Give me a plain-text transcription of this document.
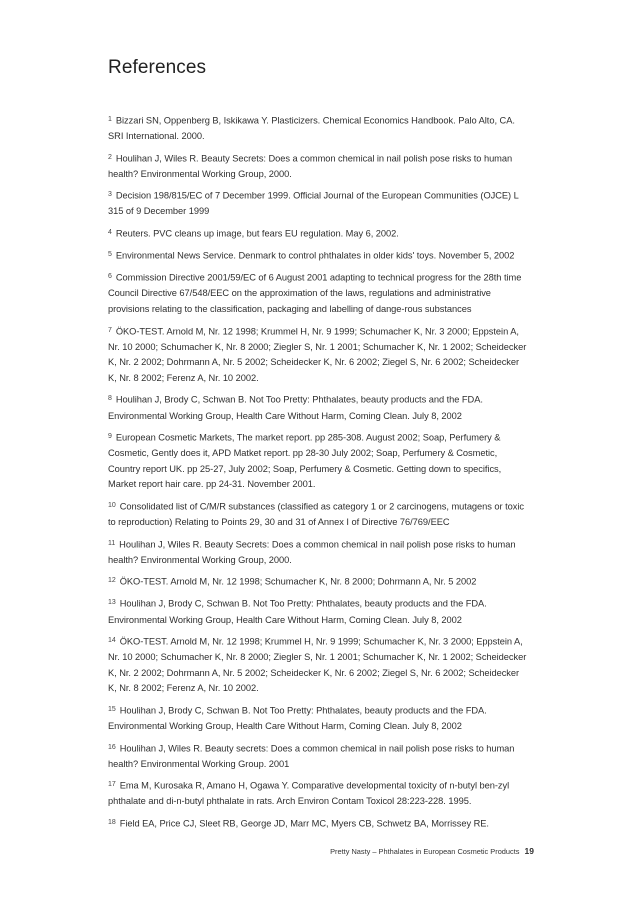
References
$^1$ Bizzari SN, Oppenberg B, Iskikawa Y. Plasticizers. Chemical Economics Handbook. Palo Alto, CA. SRI International. 2000.
$^2$ Houlihan J, Wiles R. Beauty Secrets: Does a common chemical in nail polish pose risks to human health? Environmental Working Group, 2000.
$^3$ Decision 198/815/EC of 7 December 1999. Official Journal of the European Communities (OJCE) L 315 of 9 December 1999
$^4$ Reuters. PVC cleans up image, but fears EU regulation. May 6, 2002.
$^5$ Environmental News Service. Denmark to control phthalates in older kids' toys. November 5, 2002
$^6$ Commission Directive 2001/59/EC of 6 August 2001 adapting to technical progress for the 28th time Council Directive 67/548/EEC on the approximation of the laws, regulations and administrative provisions relating to the classification, packaging and labelling of dange-rous substances
$^7$ ÖKO-TEST. Arnold M, Nr. 12 1998; Krummel H, Nr. 9 1999; Schumacher K, Nr. 3 2000; Eppstein A, Nr. 10 2000; Schumacher K, Nr. 8 2000; Ziegler S, Nr. 1 2001; Schumacher K, Nr. 1 2002; Scheidecker K, Nr. 2 2002; Dohrmann A, Nr. 5 2002; Scheidecker K, Nr. 6 2002; Ziegel S, Nr. 6 2002; Scheidecker K, Nr. 8 2002; Ferenz A, Nr. 10 2002.
$^8$ Houlihan J, Brody C, Schwan B. Not Too Pretty: Phthalates, beauty products and the FDA. Environmental Working Group, Health Care Without Harm, Coming Clean. July 8, 2002
$^9$ European Cosmetic Markets, The market report. pp 285-308. August 2002; Soap, Perfumery & Cosmetic, Gently does it, APD Matket report. pp 28-30 July 2002; Soap, Perfumery & Cosmetic, Country report UK. pp 25-27, July 2002; Soap, Perfumery & Cosmetic. Getting down to specifics, Market report hair care. pp 24-31. November 2001.
$^{10}$ Consolidated list of C/M/R substances (classified as category 1 or 2 carcinogens, mutagens or toxic to reproduction) Relating to Points 29, 30 and 31 of Annex I of Directive 76/769/EEC
$^{11}$ Houlihan J, Wiles R. Beauty Secrets: Does a common chemical in nail polish pose risks to human health? Environmental Working Group, 2000.
$^{12}$ ÖKO-TEST. Arnold M, Nr. 12 1998; Schumacher K, Nr. 8 2000; Dohrmann A, Nr. 5 2002
$^{13}$ Houlihan J, Brody C, Schwan B. Not Too Pretty: Phthalates, beauty products and the FDA. Environmental Working Group, Health Care Without Harm, Coming Clean. July 8, 2002
$^{14}$ ÖKO-TEST. Arnold M, Nr. 12 1998; Krummel H, Nr. 9 1999; Schumacher K, Nr. 3 2000; Eppstein A, Nr. 10 2000; Schumacher K, Nr. 8 2000; Ziegler S, Nr. 1 2001; Schumacher K, Nr. 1 2002; Scheidecker K, Nr. 2 2002; Dohrmann A, Nr. 5 2002; Scheidecker K, Nr. 6 2002; Ziegel S, Nr. 6 2002; Scheidecker K, Nr. 8 2002; Ferenz A, Nr. 10 2002.
$^{15}$ Houlihan J, Brody C, Schwan B. Not Too Pretty: Phthalates, beauty products and the FDA. Environmental Working Group, Health Care Without Harm, Coming Clean. July 8, 2002
$^{16}$ Houlihan J, Wiles R. Beauty secrets: Does a common chemical in nail polish pose risks to human health? Environmental Working Group. 2001
$^{17}$ Ema M, Kurosaka R, Amano H, Ogawa Y. Comparative developmental toxicity of n-butyl ben-zyl phthalate and di-n-butyl phthalate in rats. Arch Environ Contam Toxicol 28:223-228. 1995.
$^{18}$ Field EA, Price CJ, Sleet RB, George JD, Marr MC, Myers CB, Schwetz BA, Morrissey RE.
Pretty Nasty – Phthalates in European Cosmetic Products 19
